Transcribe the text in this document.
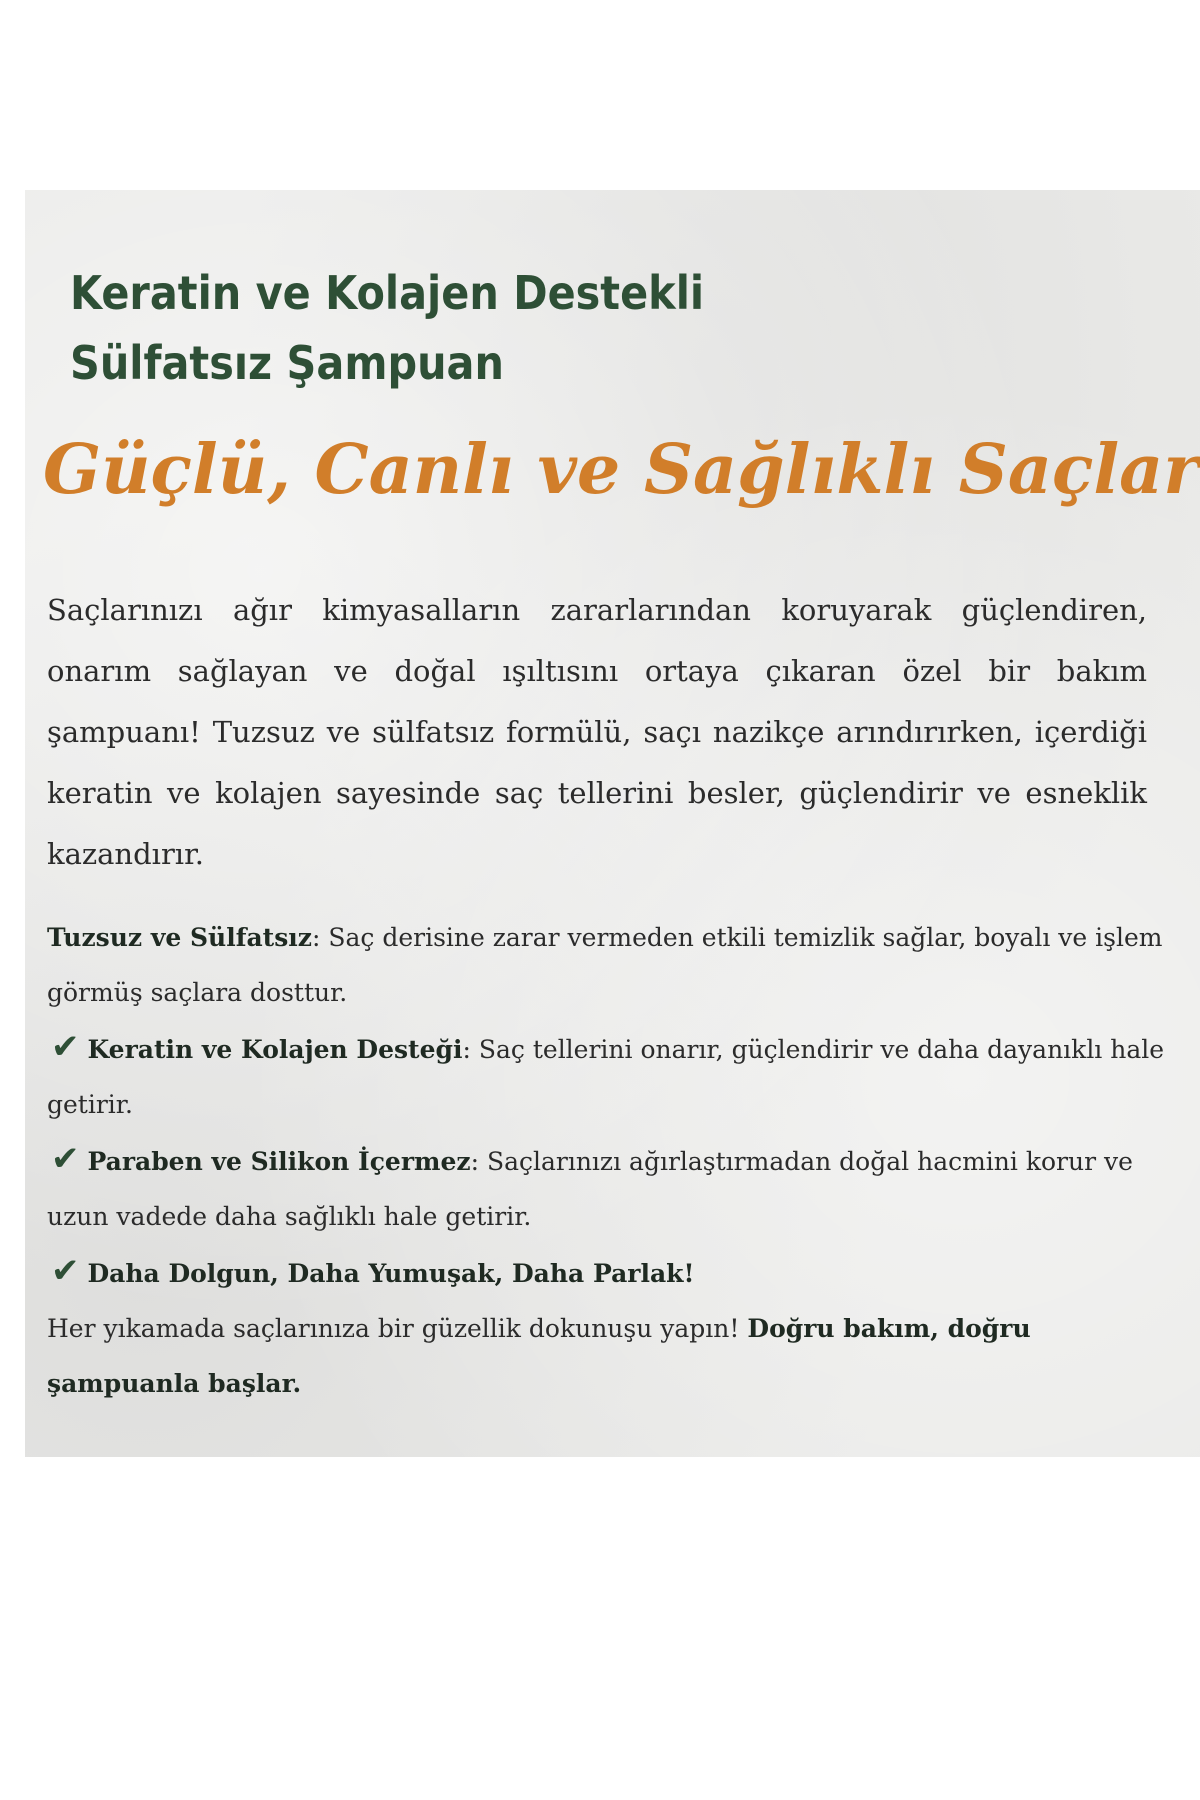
Keratin ve Kolajen Destekli
Sülfatsız Şampuan
Güçlü, Canlı ve Sağlıklı Saçlar

Saçlarınızı ağır kimyasalların zararlarından koruyarak güçlendiren, onarım sağlayan ve doğal ışıltısını ortaya çıkaran özel bir bakım şampuanı! Tuzsuz ve sülfatsız formülü, saçı nazikçe arındırırken, içerdiği keratin ve kolajen sayesinde saç tellerini besler, güçlendirir ve esneklik kazandırır.

Tuzsuz ve Sülfatsız: Saç derisine zarar vermeden etkili temizlik sağlar, boyalı ve işlem görmüş saçlara dosttur.

✔ Keratin ve Kolajen Desteği: Saç tellerini onarır, güçlendirir ve daha dayanıklı hale getirir.

✔ Paraben ve Silikon İçermez: Saçlarınızı ağırlaştırmadan doğal hacmini korur ve uzun vadede daha sağlıklı hale getirir.

✔ Daha Dolgun, Daha Yumuşak, Daha Parlak!

Her yıkamada saçlarınıza bir güzellik dokunuşu yapın! Doğru bakım, doğru şampuanla başlar.
